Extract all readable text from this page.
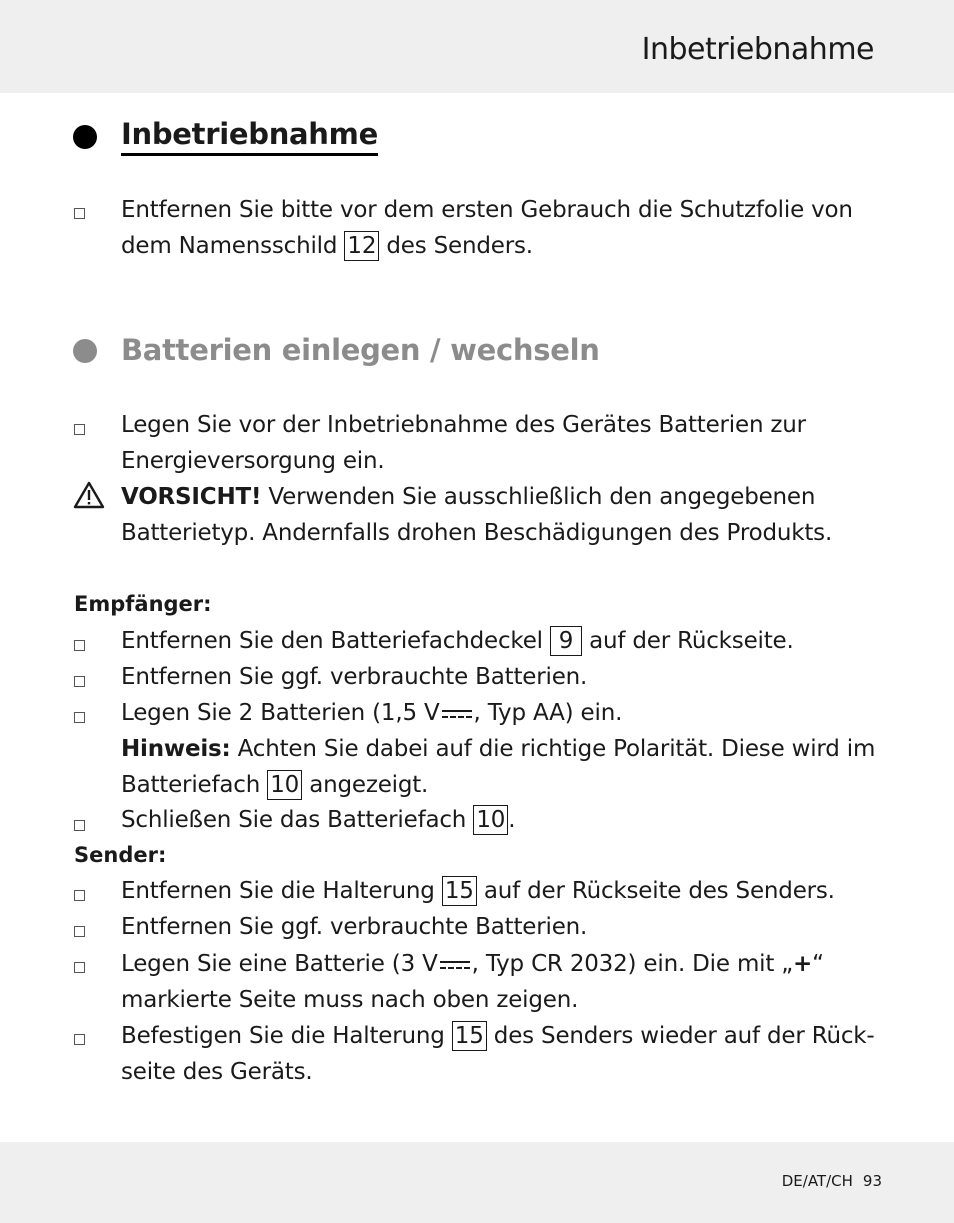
Inbetriebnahme
Inbetriebnahme
Entfernen Sie bitte vor dem ersten Gebrauch die Schutzfolie von
dem Namensschild 12 des Senders.
Batterien einlegen / wechseln
Legen Sie vor der Inbetriebnahme des Gerätes Batterien zur
Energieversorgung ein.
VORSICHT! Verwenden Sie ausschließlich den angegebenen
Batterietyp. Andernfalls drohen Beschädigungen des Produkts.
Empfänger:
Entfernen Sie den Batteriefachdeckel 9 auf der Rückseite.
Entfernen Sie ggf. verbrauchte Batterien.
Legen Sie 2 Batterien (1,5 V , Typ AA) ein.
Hinweis: Achten Sie dabei auf die richtige Polarität. Diese wird im
Batteriefach 10 angezeigt.
Schließen Sie das Batteriefach 10 .
Sender:
Entfernen Sie die Halterung 15 auf der Rückseite des Senders.
Entfernen Sie ggf. verbrauchte Batterien.
Legen Sie eine Batterie (3 V , Typ CR 2032) ein. Die mit „+“
markierte Seite muss nach oben zeigen.
Befestigen Sie die Halterung 15 des Senders wieder auf der Rück-
seite des Geräts.
DE/AT/CH 93
